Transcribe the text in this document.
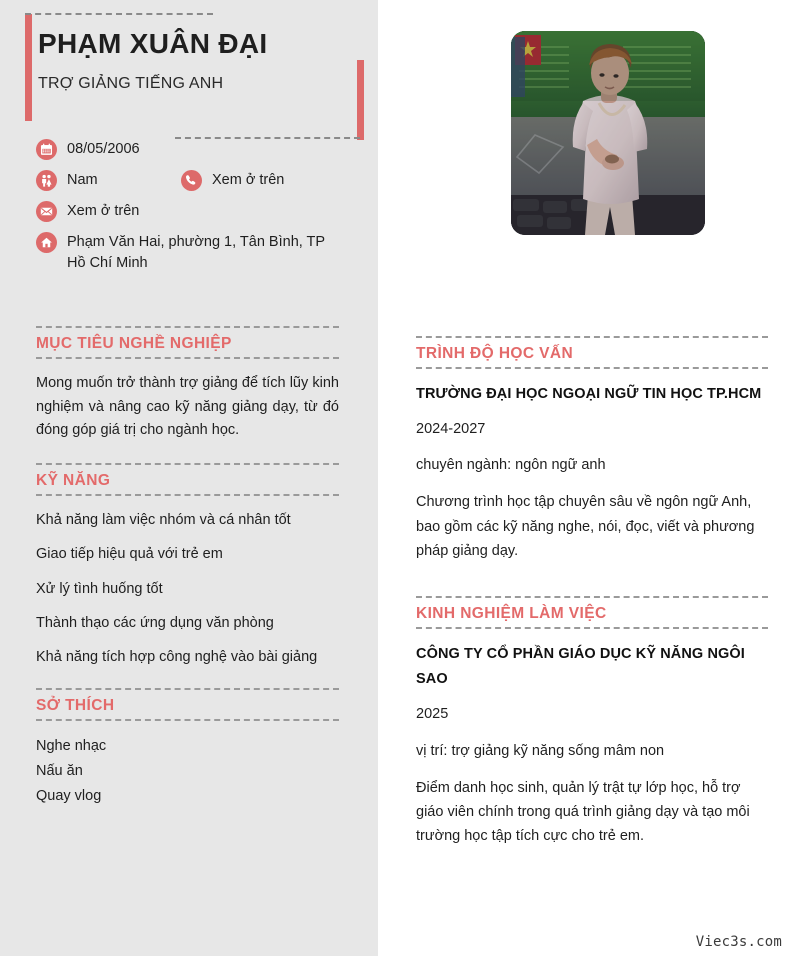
PHẠM XUÂN ĐẠI
TRỢ GIẢNG TIẾNG ANH
08/05/2006
Nam	Xem ở trên
Xem ở trên
Phạm Văn Hai, phường 1, Tân Bình, TP Hồ Chí Minh
MỤC TIÊU NGHỀ NGHIỆP

Mong muốn trở thành trợ giảng để tích lũy kinh nghiệm và nâng cao kỹ năng giảng dạy, từ đó đóng góp giá trị cho ngành học.

KỸ NĂNG

Khả năng làm việc nhóm và cá nhân tốt

Giao tiếp hiệu quả với trẻ em

Xử lý tình huống tốt

Thành thạo các ứng dụng văn phòng

Khả năng tích hợp công nghệ vào bài giảng

SỞ THÍCH

Nghe nhạc

Nấu ăn

Quay vlog

TRÌNH ĐỘ HỌC VẤN

TRƯỜNG ĐẠI HỌC NGOẠI NGỮ TIN HỌC TP.HCM

2024-2027

chuyên ngành: ngôn ngữ anh

Chương trình học tập chuyên sâu về ngôn ngữ Anh, bao gồm các kỹ năng nghe, nói, đọc, viết và phương pháp giảng dạy.

KINH NGHIỆM LÀM VIỆC

CÔNG TY CỔ PHẦN GIÁO DỤC KỸ NĂNG NGÔI SAO

2025

vị trí: trợ giảng kỹ năng sống mâm non

Điểm danh học sinh, quản lý trật tự lớp học, hỗ trợ giáo viên chính trong quá trình giảng dạy và tạo môi trường học tập tích cực cho trẻ em.

Viec3s.com
